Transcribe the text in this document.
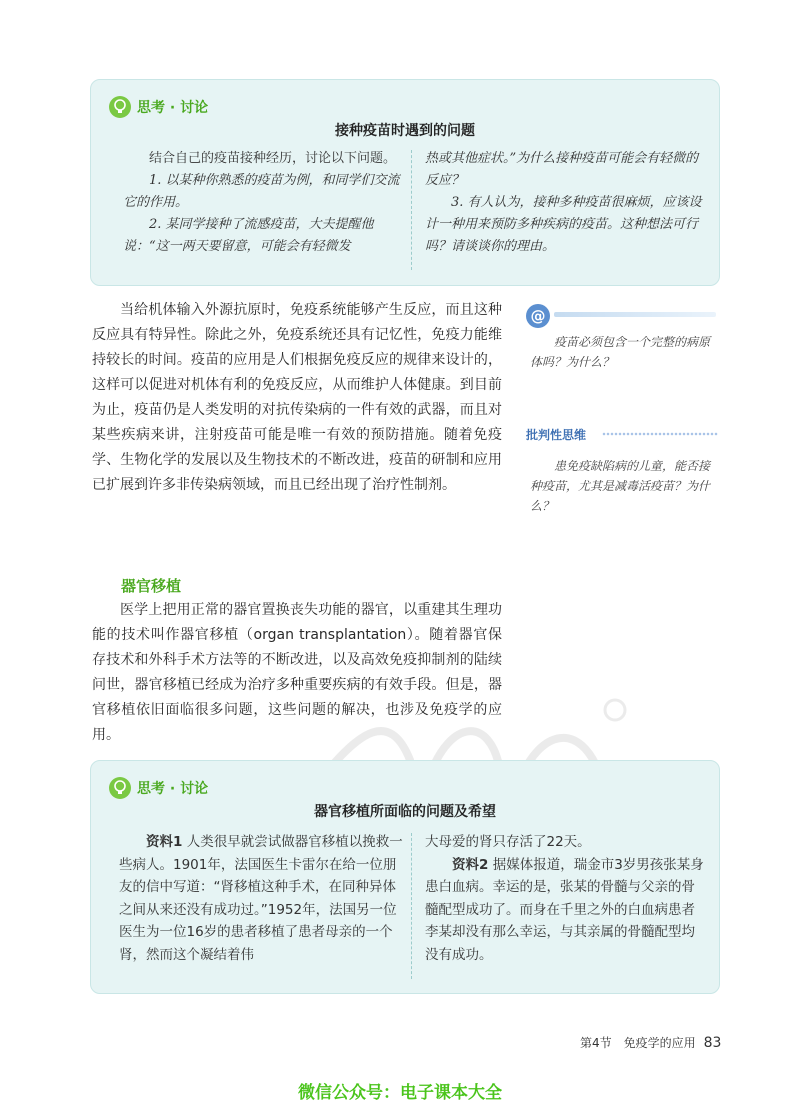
思考 · 讨论
接种疫苗时遇到的问题

结合自己的疫苗接种经历，讨论以下问题。

1. 以某种你熟悉的疫苗为例，和同学们交流它的作用。

2. 某同学接种了流感疫苗，大夫提醒他说：“这一两天要留意，可能会有轻微发

热或其他症状。”为什么接种疫苗可能会有轻微的反应？

3. 有人认为，接种多种疫苗很麻烦，应该设计一种用来预防多种疾病的疫苗。这种想法可行吗？请谈谈你的理由。

当给机体输入外源抗原时，免疫系统能够产生反应，而且这种反应具有特异性。除此之外，免疫系统还具有记忆性，免疫力能维持较长的时间。疫苗的应用是人们根据免疫反应的规律来设计的，这样可以促进对机体有利的免疫反应，从而维护人体健康。到目前为止，疫苗仍是人类发明的对抗传染病的一件有效的武器，而且对某些疾病来讲，注射疫苗可能是唯一有效的预防措施。随着免疫学、生物化学的发展以及生物技术的不断改进，疫苗的研制和应用已扩展到许多非传染病领域，而且已经出现了治疗性制剂。

@
疫苗必须包含一个完整的病原体吗？为什么？
批判性思维
患免疫缺陷病的儿童，能否接种疫苗，尤其是减毒活疫苗？为什么？
器官移植

医学上把用正常的器官置换丧失功能的器官，以重建其生理功能的技术叫作器官移植（organ transplantation）。随着器官保存技术和外科手术方法等的不断改进，以及高效免疫抑制剂的陆续问世，器官移植已经成为治疗多种重要疾病的有效手段。但是，器官移植依旧面临很多问题，这些问题的解决，也涉及免疫学的应用。

思考 · 讨论
器官移植所面临的问题及希望

资料1 人类很早就尝试做器官移植以挽救一些病人。1901年，法国医生卡雷尔在给一位朋友的信中写道：“肾移植这种手术，在同种异体之间从来还没有成功过。”1952年，法国另一位医生为一位16岁的患者移植了患者母亲的一个肾，然而这个凝结着伟

大母爱的肾只存活了22天。

资料2 据媒体报道，瑞金市3岁男孩张某身患白血病。幸运的是，张某的骨髓与父亲的骨髓配型成功了。而身在千里之外的白血病患者李某却没有那么幸运，与其亲属的骨髓配型均没有成功。

第4节　免疫学的应用 83
微信公众号：电子课本大全
